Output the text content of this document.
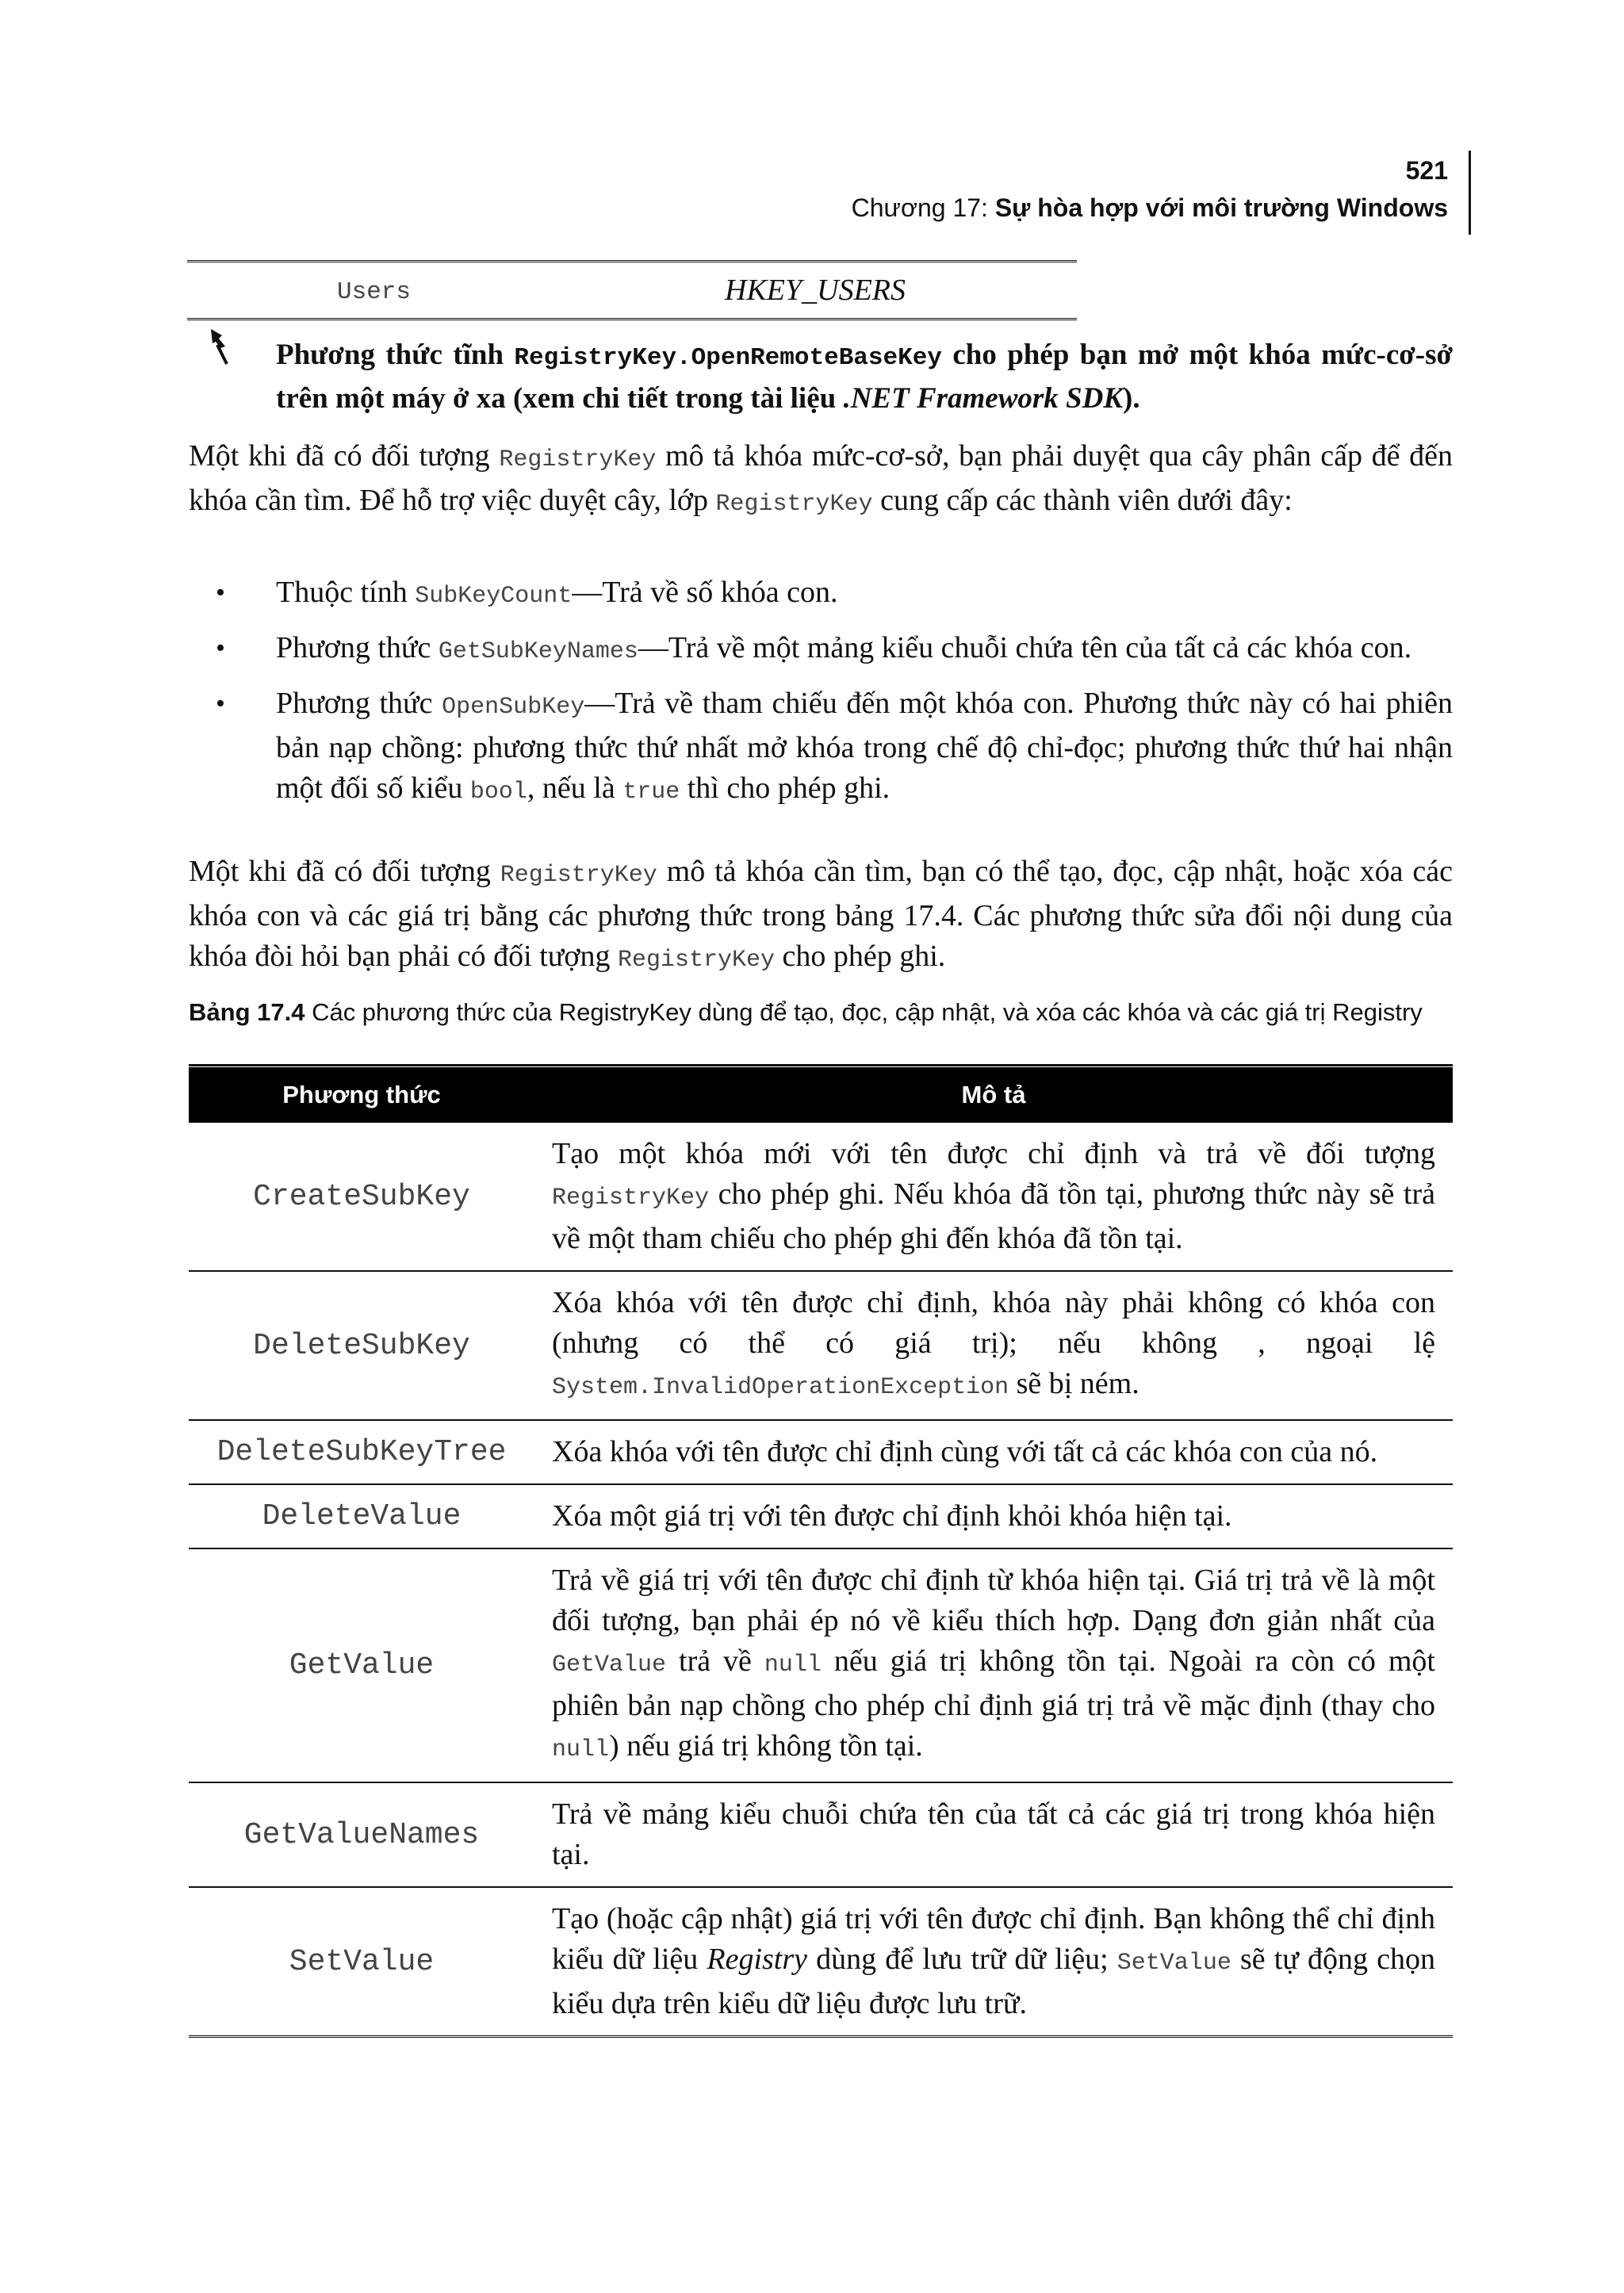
521
Chương 17: Sự hòa hợp với môi trường Windows
Users	HKEY_USERS
Phương thức tĩnh RegistryKey.OpenRemoteBaseKey cho phép bạn mở một khóa mức-cơ-sở trên một máy ở xa (xem chi tiết trong tài liệu .NET Framework SDK).
Một khi đã có đối tượng RegistryKey mô tả khóa mức-cơ-sở, bạn phải duyệt qua cây phân cấp để đến khóa cần tìm. Để hỗ trợ việc duyệt cây, lớp RegistryKey cung cấp các thành viên dưới đây:
• Thuộc tính SubKeyCount—Trả về số khóa con.
• Phương thức GetSubKeyNames—Trả về một mảng kiểu chuỗi chứa tên của tất cả các khóa con.
• Phương thức OpenSubKey—Trả về tham chiếu đến một khóa con. Phương thức này có hai phiên bản nạp chồng: phương thức thứ nhất mở khóa trong chế độ chỉ-đọc; phương thức thứ hai nhận một đối số kiểu bool, nếu là true thì cho phép ghi.
Một khi đã có đối tượng RegistryKey mô tả khóa cần tìm, bạn có thể tạo, đọc, cập nhật, hoặc xóa các khóa con và các giá trị bằng các phương thức trong bảng 17.4. Các phương thức sửa đổi nội dung của khóa đòi hỏi bạn phải có đối tượng RegistryKey cho phép ghi.
Bảng 17.4 Các phương thức của RegistryKey dùng để tạo, đọc, cập nhật, và xóa các khóa và các giá trị Registry
Phương thức	Mô tả
CreateSubKey	Tạo một khóa mới với tên được chỉ định và trả về đối tượng RegistryKey cho phép ghi. Nếu khóa đã tồn tại, phương thức này sẽ trả về một tham chiếu cho phép ghi đến khóa đã tồn tại.
DeleteSubKey	Xóa khóa với tên được chỉ định, khóa này phải không có khóa con (nhưng có thể có giá trị); nếu không , ngoại lệ System.InvalidOperationException sẽ bị ném.
DeleteSubKeyTree	Xóa khóa với tên được chỉ định cùng với tất cả các khóa con của nó.
DeleteValue	Xóa một giá trị với tên được chỉ định khỏi khóa hiện tại.
GetValue	Trả về giá trị với tên được chỉ định từ khóa hiện tại. Giá trị trả về là một đối tượng, bạn phải ép nó về kiểu thích hợp. Dạng đơn giản nhất của GetValue trả về null nếu giá trị không tồn tại. Ngoài ra còn có một phiên bản nạp chồng cho phép chỉ định giá trị trả về mặc định (thay cho null) nếu giá trị không tồn tại.
GetValueNames	Trả về mảng kiểu chuỗi chứa tên của tất cả các giá trị trong khóa hiện tại.
SetValue	Tạo (hoặc cập nhật) giá trị với tên được chỉ định. Bạn không thể chỉ định kiểu dữ liệu Registry dùng để lưu trữ dữ liệu; SetValue sẽ tự động chọn kiểu dựa trên kiểu dữ liệu được lưu trữ.
